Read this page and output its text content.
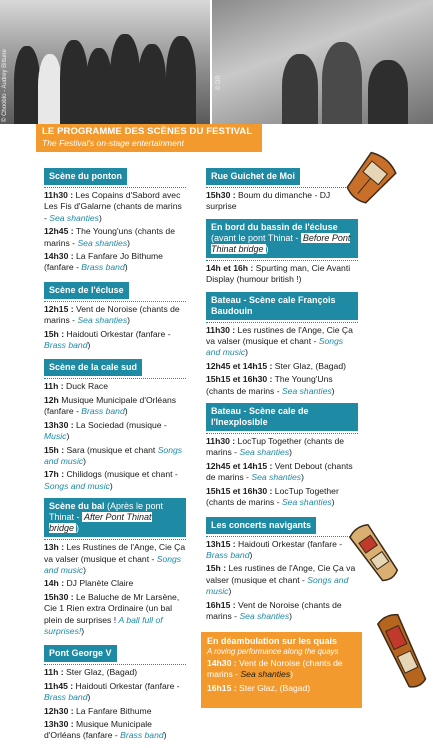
© Chooblo - Audrey Bittune	© DR
LE PROGRAMME DES SCÈNES DU FESTIVAL
The Festival's on-stage entertainment
Scène du ponton
11h30 : Les Copains d'Sabord avec Les Fis d'Galarne (chants de marins - Sea shanties)
12h45 : The Young'uns (chants de marins - Sea shanties)
14h30 : La Fanfare Jo Bithume (fanfare - Brass band)
Scène de l'écluse
12h15 : Vent de Noroise (chants de marins - Sea shanties)
15h : Haidouti Orkestar (fanfare - Brass band)
Scène de la cale sud
11h : Duck Race
12h Musique Municipale d'Orléans (fanfare - Brass band)
13h30 : La Sociedad (musique - Music)
15h : Sara (musique et chant Songs and music)
17h : Chilidogs (musique et chant - Songs and music)
Scène du bal (Après le pont Thinat - After Pont Thinat bridge )
13h : Les Rustines de l'Ange, Cie Ça va valser (musique et chant - Songs and music)
14h : DJ Planète Claire
15h30 : Le Baluche de Mr Larsène, Cie 1 Rien extra Ordinaire (un bal plein de surprises ! A ball full of surprises!)
Pont George V
11h : Ster Glaz, (Bagad)
11h45 : Haidouti Orkestar (fanfare - Brass band)
12h30 : La Fanfare Bithume
13h30 : Musique Municipale d'Orléans (fanfare - Brass band)
Rue Guichet de Moi
15h30 : Boum du dimanche - DJ surprise
En bord du bassin de l'écluse
(avant le pont Thinat - Before Pont Thinat bridge )
14h et 16h : Spurting man, Cie Avanti Display (humour british !)
Bateau - Scène cale François Baudouin
11h30 : Les rustines de l'Ange, Cie Ça va valser (musique et chant - Songs and music)
12h45 et 14h15 : Ster Glaz, (Bagad)
15h15 et 16h30 : The Young'Uns (chants de marins - Sea shanties)
Bateau - Scène cale de l'Inexplosible
11h30 : LocTup Together (chants de marins - Sea shanties)
12h45 et 14h15 : Vent Debout (chants de marins - Sea shanties)
15h15 et 16h30 : LocTup Together (chants de marins - Sea shanties)
Les concerts navigants
13h15 : Haidouti Orkestar (fanfare - Brass band)
15h : Les rustines de l'Ange, Cie Ça va valser (musique et chant - Songs and music)
16h15 : Vent de Noroise (chants de marins - Sea shanties)
En déambulation sur les quais
A roving performance along the quays
14h30 : Vent de Noroise (chants de marins - Sea shanties)
16h15 : Ster Glaz, (Bagad)
